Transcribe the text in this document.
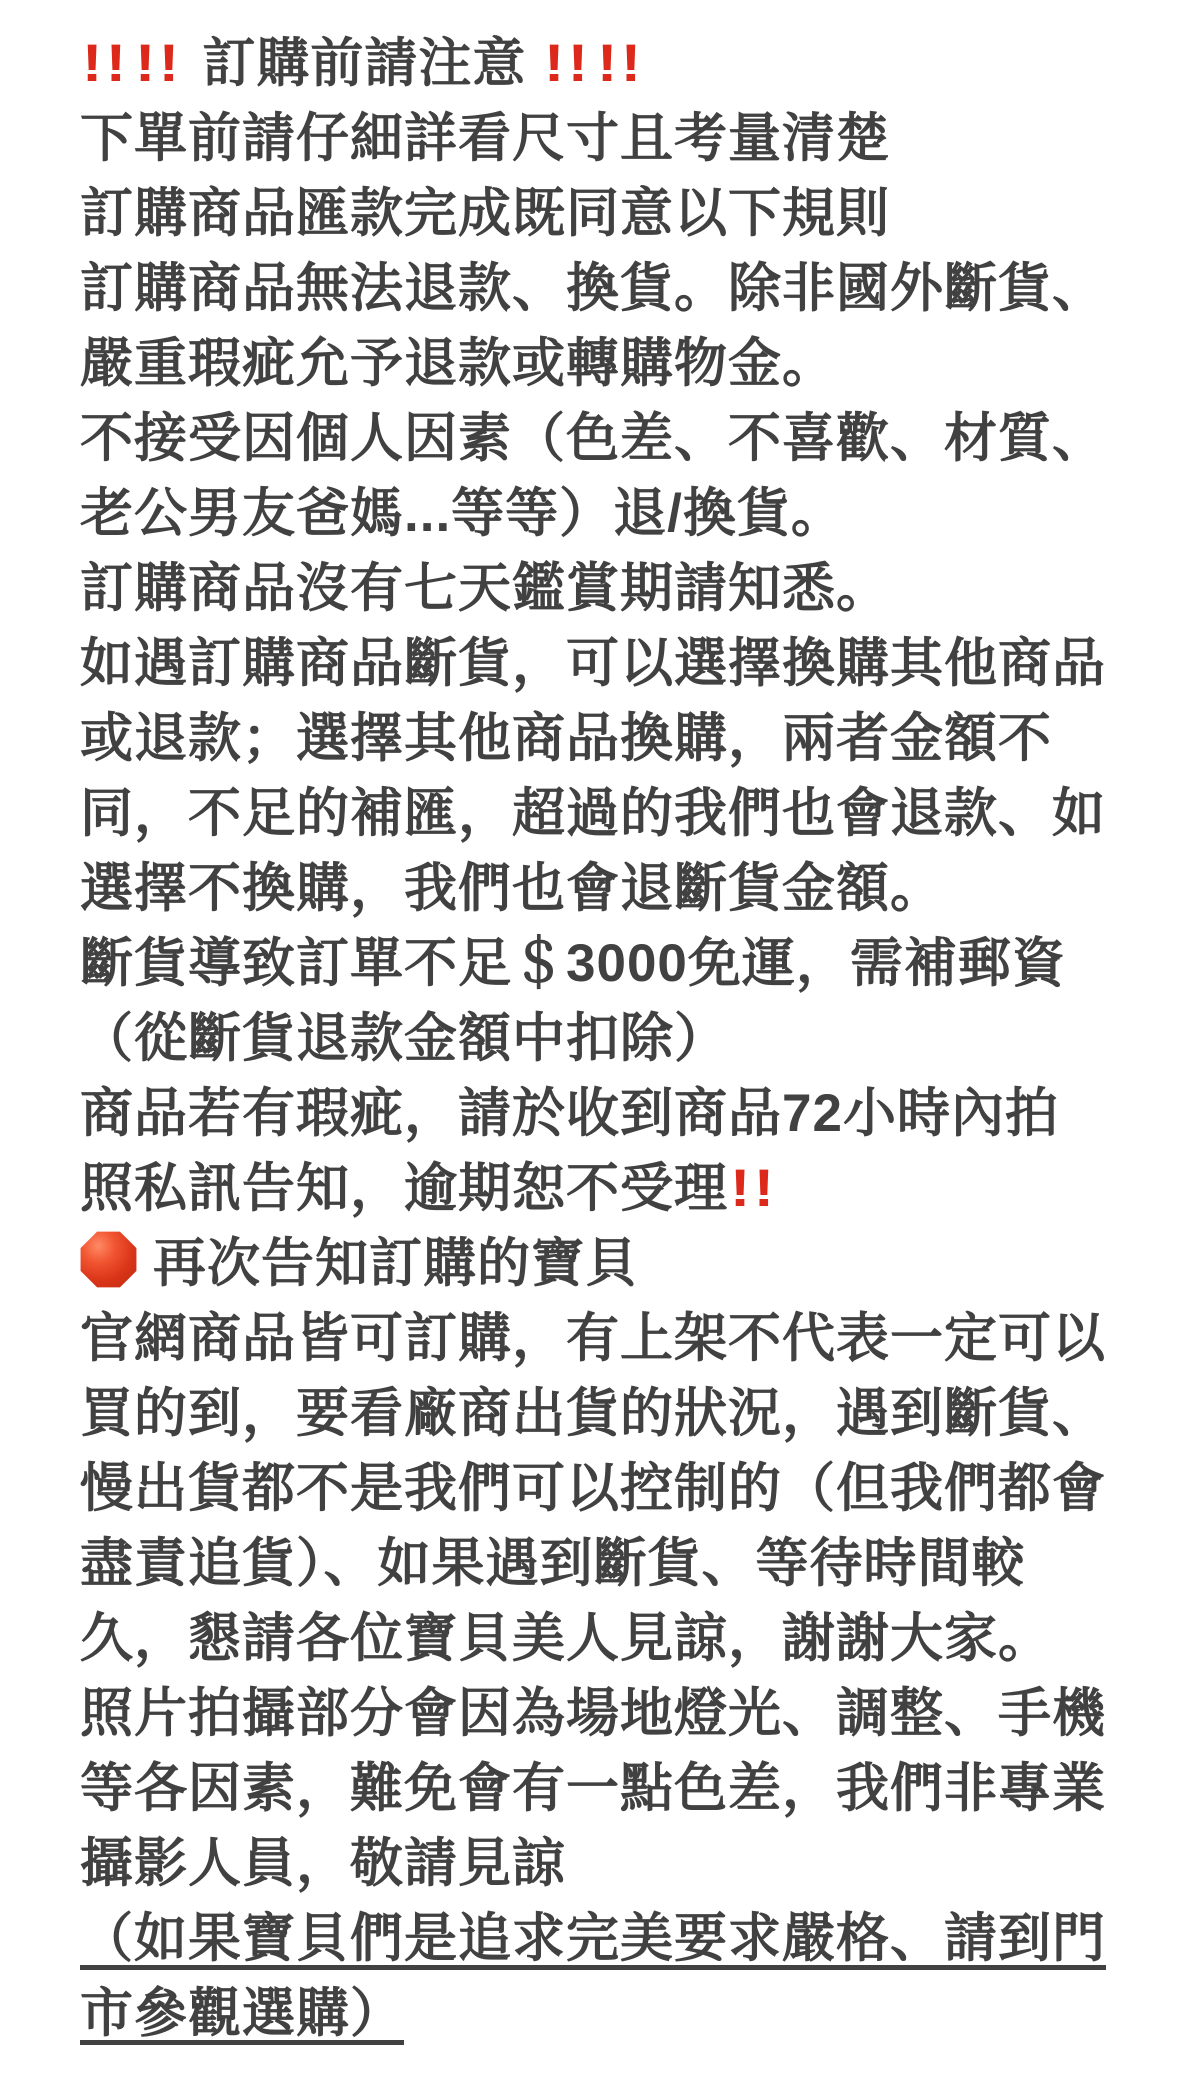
!! !! 訂購前請注意 !! !!
下單前請仔細詳看尺寸且考量清楚
訂購商品匯款完成既同意以下規則
訂購商品無法退款、換貨。除非國外斷貨、
嚴重瑕疵允予退款或轉購物金。
不接受因個人因素（色差、不喜歡、材質、
老公男友爸媽...等等）退/換貨。
訂購商品沒有七天鑑賞期請知悉。
如遇訂購商品斷貨，可以選擇換購其他商品
或退款；選擇其他商品換購，兩者金額不
同，不足的補匯，超過的我們也會退款、如
選擇不換購，我們也會退斷貨金額。
斷貨導致訂單不足＄3000免運，需補郵資
（從斷貨退款金額中扣除）
商品若有瑕疵，請於收到商品72小時內拍
照私訊告知，逾期恕不受理!!
再次告知訂購的寶貝
官網商品皆可訂購，有上架不代表一定可以
買的到，要看廠商出貨的狀況，遇到斷貨、
慢出貨都不是我們可以控制的（但我們都會
盡責追貨）、如果遇到斷貨、等待時間較
久，懇請各位寶貝美人見諒，謝謝大家。
照片拍攝部分會因為場地燈光、調整、手機
等各因素，難免會有一點色差，我們非專業
攝影人員，敬請見諒
（如果寶貝們是追求完美要求嚴格、請到門
市參觀選購）
